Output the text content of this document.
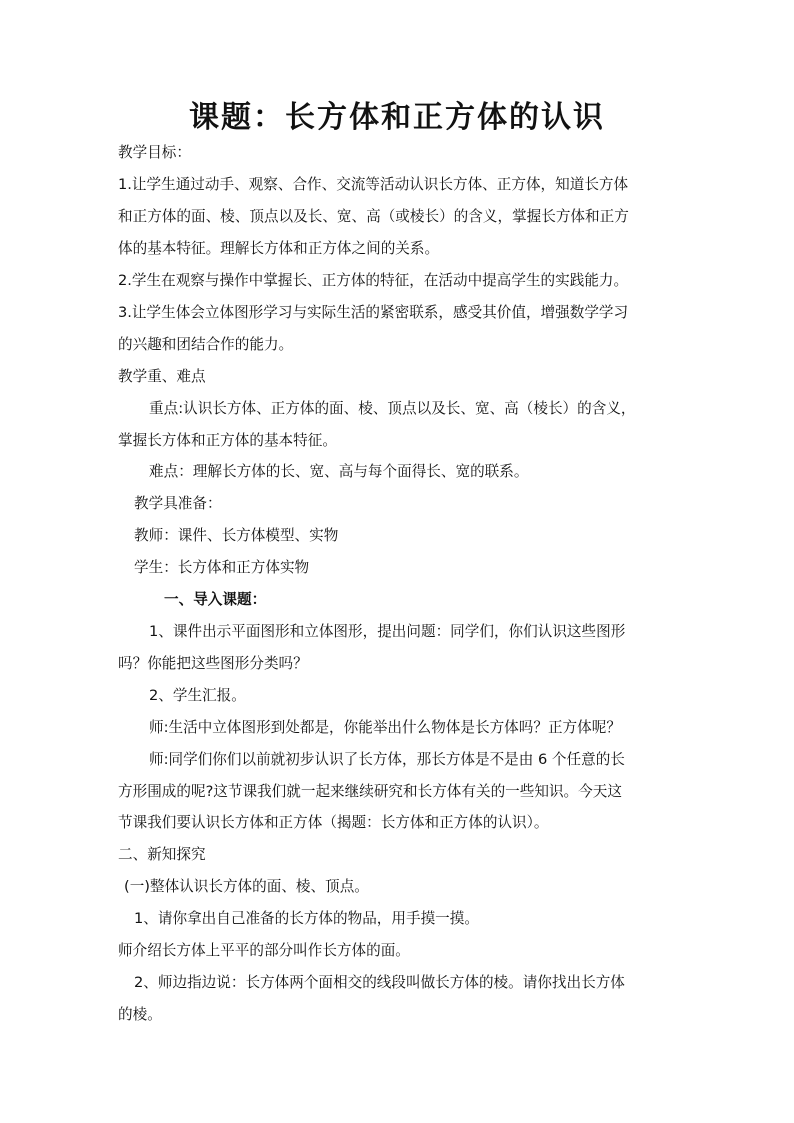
课题：长方体和正方体的认识
教学目标：
1.让学生通过动手、观察、合作、交流等活动认识长方体、正方体，知道长方体
和正方体的面、棱、顶点以及长、宽、高（或棱长）的含义，掌握长方体和正方
体的基本特征。理解长方体和正方体之间的关系。
2.学生在观察与操作中掌握长、正方体的特征，在活动中提高学生的实践能力。
3.让学生体会立体图形学习与实际生活的紧密联系，感受其价值，增强数学学习
的兴趣和团结合作的能力。
教学重、难点
重点:认识长方体、正方体的面、棱、顶点以及长、宽、高（棱长）的含义，
掌握长方体和正方体的基本特征。
难点：理解长方体的长、宽、高与每个面得长、宽的联系。
教学具准备：
教师：课件、长方体模型、实物
学生：长方体和正方体实物
一、导入课题：
1、课件出示平面图形和立体图形，提出问题：同学们，你们认识这些图形
吗？你能把这些图形分类吗？
2、学生汇报。
师:生活中立体图形到处都是，你能举出什么物体是长方体吗？正方体呢？
师:同学们你们以前就初步认识了长方体，那长方体是不是由 6 个任意的长
方形围成的呢?这节课我们就一起来继续研究和长方体有关的一些知识。今天这
节课我们要认识长方体和正方体（揭题：长方体和正方体的认识）。
二、新知探究
(一)整体认识长方体的面、棱、顶点。
1、请你拿出自己准备的长方体的物品，用手摸一摸。
师介绍长方体上平平的部分叫作长方体的面。
2、师边指边说：长方体两个面相交的线段叫做长方体的棱。请你找出长方体
的棱。
